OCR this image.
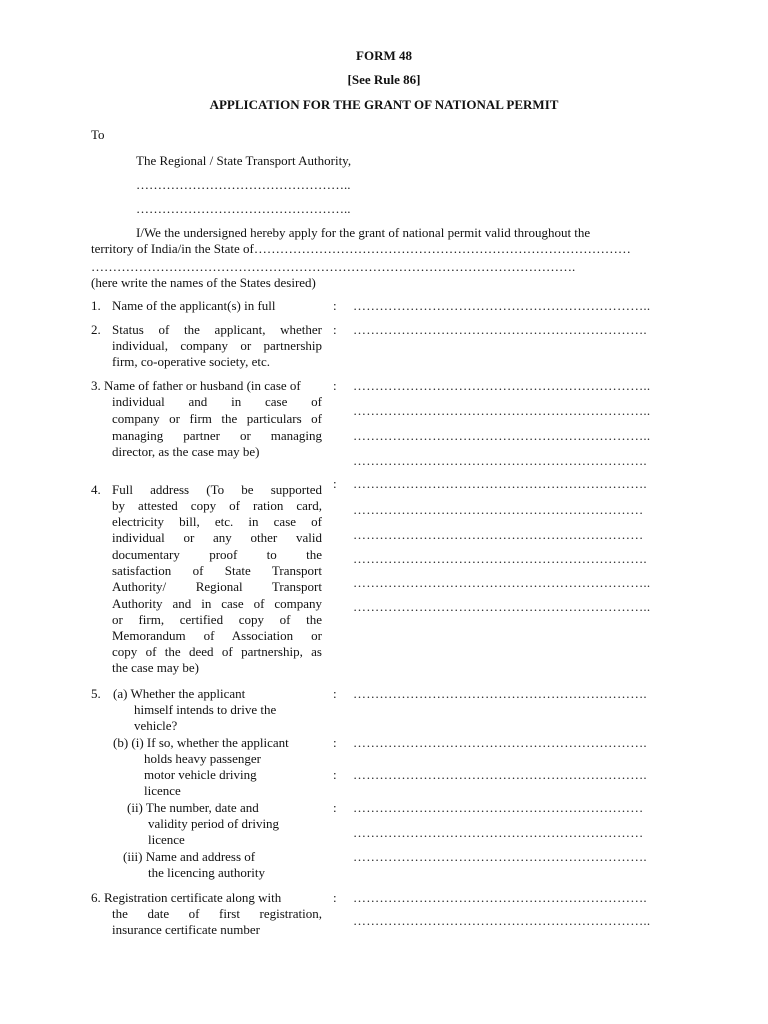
FORM 48
[See Rule 86]
APPLICATION FOR THE GRANT OF NATIONAL PERMIT
To
The Regional / State Transport Authority,
…………………………………………..
…………………………………………..
I/We the undersigned hereby apply for the grant of national permit valid throughout the
territory of India/in the State of……………………………………………………………………………
………………………………………………………………………………………………….
(here write the names of the States desired)
1. Name of the applicant(s) in full	: …………………………………………………………..
2. Status of the applicant, whether
individual, company or partnership
firm, co-operative society, etc.
: ………………………………………………………….
3. Name of father or husband (in case of
individual and in case of
company or firm the particulars of
managing partner or managing
director, as the case may be)
: …………………………………………………………..
…………………………………………………………..
…………………………………………………………..
………………………………………………………….
4. Full address (To be supported
by attested copy of ration card,
electricity bill, etc. in case of
individual or any other valid
documentary proof to the
satisfaction of State Transport
Authority/ Regional Transport
Authority and in case of company
or firm, certified copy of the
Memorandum of Association or
copy of the deed of partnership, as
the case may be)
: ………………………………………………………….
…………………………………………………………
…………………………………………………………
………………………………………………………….
…………………………………………………………..
…………………………………………………………..
5. (a) Whether the applicant
himself intends to drive the
vehicle?
: ………………………………………………………….
(b) (i) If so, whether the applicant
holds heavy passenger
motor vehicle driving
licence
: ………………………………………………………….
: ………………………………………………………….
(ii) The number, date and
validity period of driving
licence
: …………………………………………………………
…………………………………………………………
(iii) Name and address of
the licencing authority
………………………………………………………….
6. Registration certificate along with
the date of first registration,
insurance certificate number
: ………………………………………………………….
…………………………………………………………..
